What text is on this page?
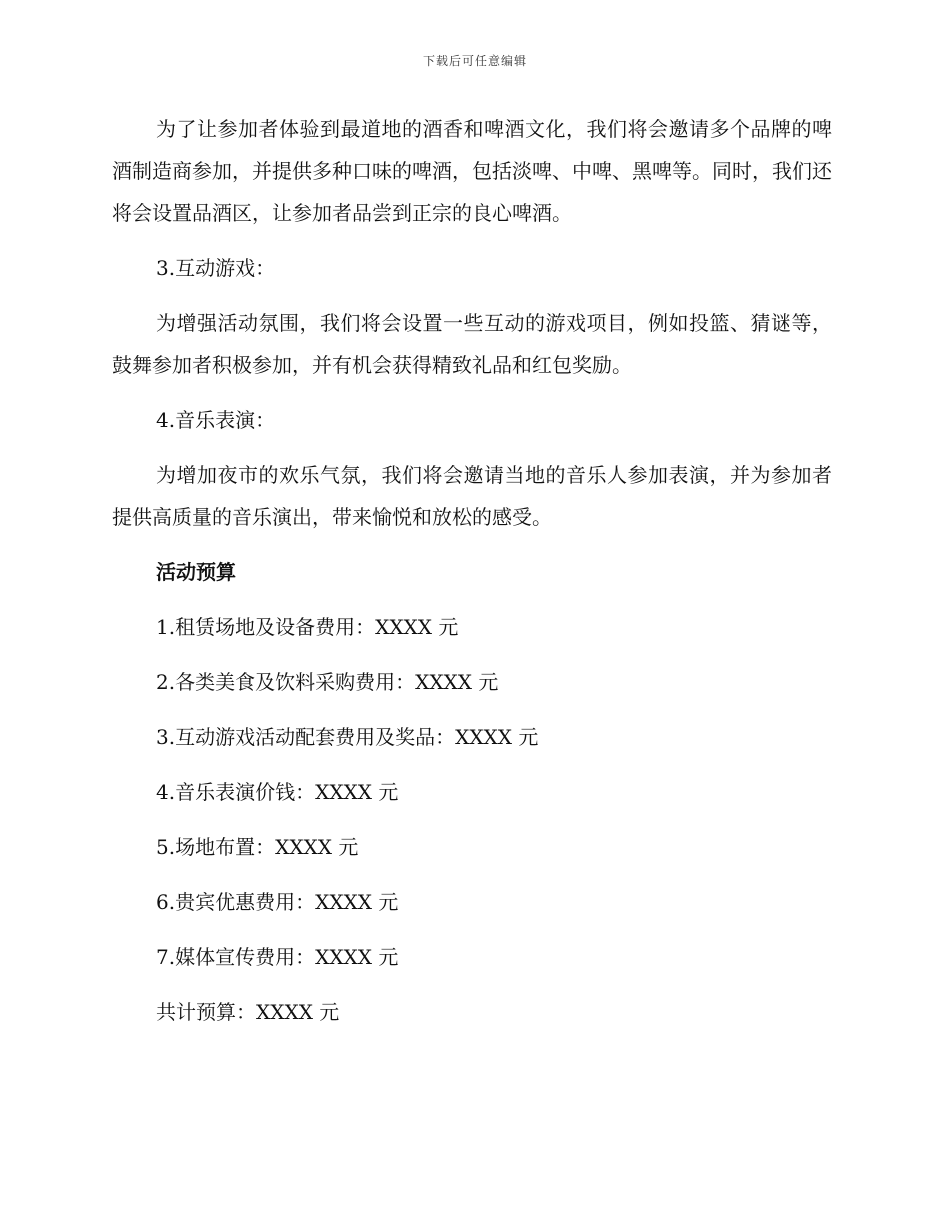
下载后可任意编辑

为了让参加者体验到最道地的酒香和啤酒文化，我们将会邀请多个品牌的啤酒制造商参加，并提供多种口味的啤酒，包括淡啤、中啤、黑啤等。同时，我们还将会设置品酒区，让参加者品尝到正宗的良心啤酒。

3.互动游戏：

为增强活动氛围，我们将会设置一些互动的游戏项目，例如投篮、猜谜等，鼓舞参加者积极参加，并有机会获得精致礼品和红包奖励。

4.音乐表演：

为增加夜市的欢乐气氛，我们将会邀请当地的音乐人参加表演，并为参加者提供高质量的音乐演出，带来愉悦和放松的感受。

活动预算

1.租赁场地及设备费用：XXXX 元

2.各类美食及饮料采购费用：XXXX 元

3.互动游戏活动配套费用及奖品：XXXX 元

4.音乐表演价钱：XXXX 元

5.场地布置：XXXX 元

6.贵宾优惠费用：XXXX 元

7.媒体宣传费用：XXXX 元

共计预算：XXXX 元
